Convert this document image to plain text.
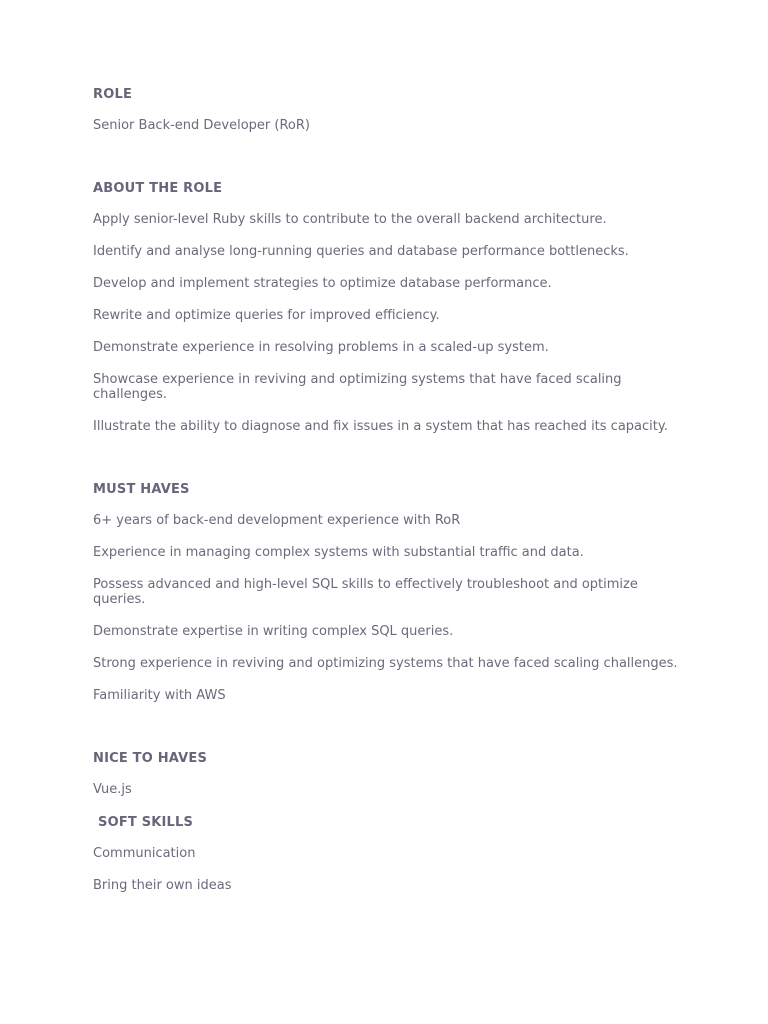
ROLE
Senior Back-end Developer (RoR)
ABOUT THE ROLE
Apply senior-level Ruby skills to contribute to the overall backend architecture.
Identify and analyse long-running queries and database performance bottlenecks.
Develop and implement strategies to optimize database performance.
Rewrite and optimize queries for improved efficiency.
Demonstrate experience in resolving problems in a scaled-up system.
Showcase experience in reviving and optimizing systems that have faced scaling challenges.
Illustrate the ability to diagnose and fix issues in a system that has reached its capacity.
MUST HAVES
6+ years of back-end development experience with RoR
Experience in managing complex systems with substantial traffic and data.
Possess advanced and high-level SQL skills to effectively troubleshoot and optimize queries.
Demonstrate expertise in writing complex SQL queries.
Strong experience in reviving and optimizing systems that have faced scaling challenges.
Familiarity with AWS
NICE TO HAVES
Vue.js
SOFT SKILLS
Communication
Bring their own ideas
